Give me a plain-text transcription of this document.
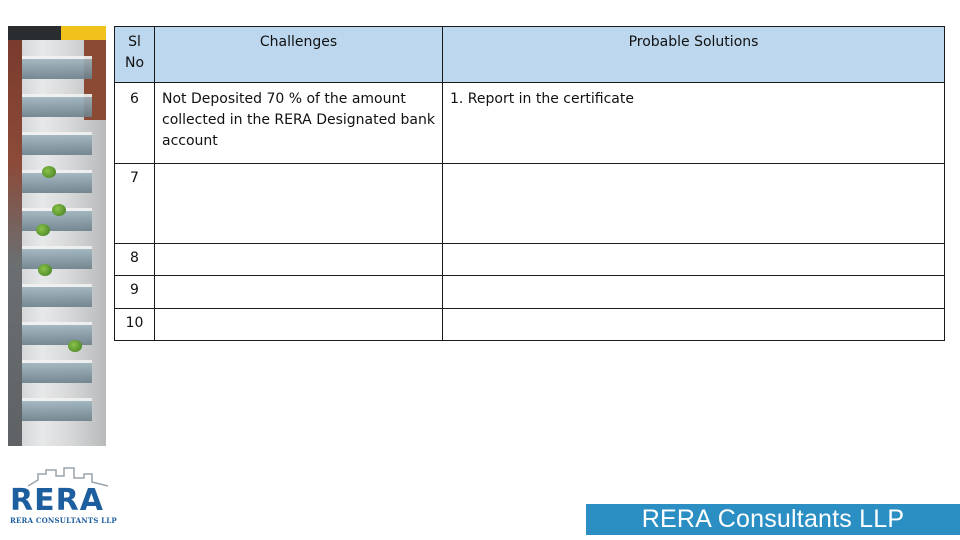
Sl No	Challenges	Probable Solutions
6	Not Deposited 70 % of the amount collected in the RERA Designated bank account	1. Report in the certificate
7		
8		
9		
10		
RERA
RERA CONSULTANTS LLP	RERA Consultants LLP
